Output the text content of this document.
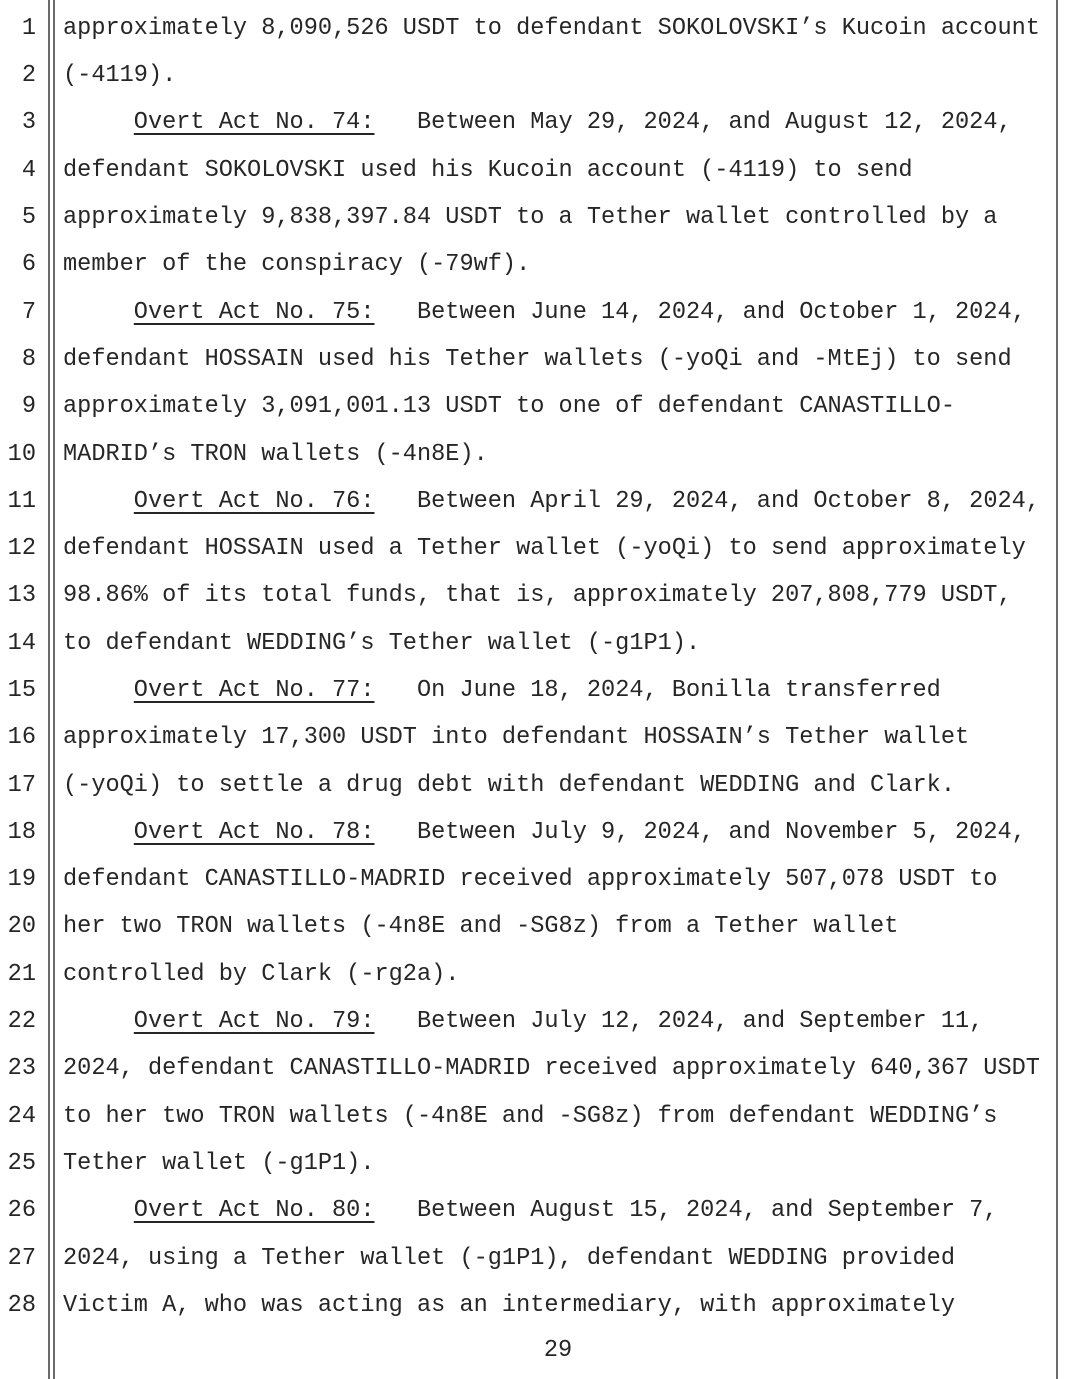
1 approximately 8,090,526 USDT to defendant SOKOLOVSKI’s Kucoin account
2 (-4119).
3	Overt Act No. 74:   Between May 29, 2024, and August 12, 2024,
4 defendant SOKOLOVSKI used his Kucoin account (-4119) to send
5 approximately 9,838,397.84 USDT to a Tether wallet controlled by a
6 member of the conspiracy (-79wf).
7	Overt Act No. 75:   Between June 14, 2024, and October 1, 2024,
8 defendant HOSSAIN used his Tether wallets (-yoQi and -MtEj) to send
9 approximately 3,091,001.13 USDT to one of defendant CANASTILLO-
10 MADRID’s TRON wallets (-4n8E).
11	Overt Act No. 76:   Between April 29, 2024, and October 8, 2024,
12 defendant HOSSAIN used a Tether wallet (-yoQi) to send approximately
13 98.86% of its total funds, that is, approximately 207,808,779 USDT,
14 to defendant WEDDING’s Tether wallet (-g1P1).
15	Overt Act No. 77:   On June 18, 2024, Bonilla transferred
16 approximately 17,300 USDT into defendant HOSSAIN’s Tether wallet
17 (-yoQi) to settle a drug debt with defendant WEDDING and Clark.
18	Overt Act No. 78:   Between July 9, 2024, and November 5, 2024,
19 defendant CANASTILLO-MADRID received approximately 507,078 USDT to
20 her two TRON wallets (-4n8E and -SG8z) from a Tether wallet
21 controlled by Clark (-rg2a).
22	Overt Act No. 79:   Between July 12, 2024, and September 11,
23 2024, defendant CANASTILLO-MADRID received approximately 640,367 USDT
24 to her two TRON wallets (-4n8E and -SG8z) from defendant WEDDING’s
25 Tether wallet (-g1P1).
26	Overt Act No. 80:   Between August 15, 2024, and September 7,
27 2024, using a Tether wallet (-g1P1), defendant WEDDING provided
28 Victim A, who was acting as an intermediary, with approximately
29
